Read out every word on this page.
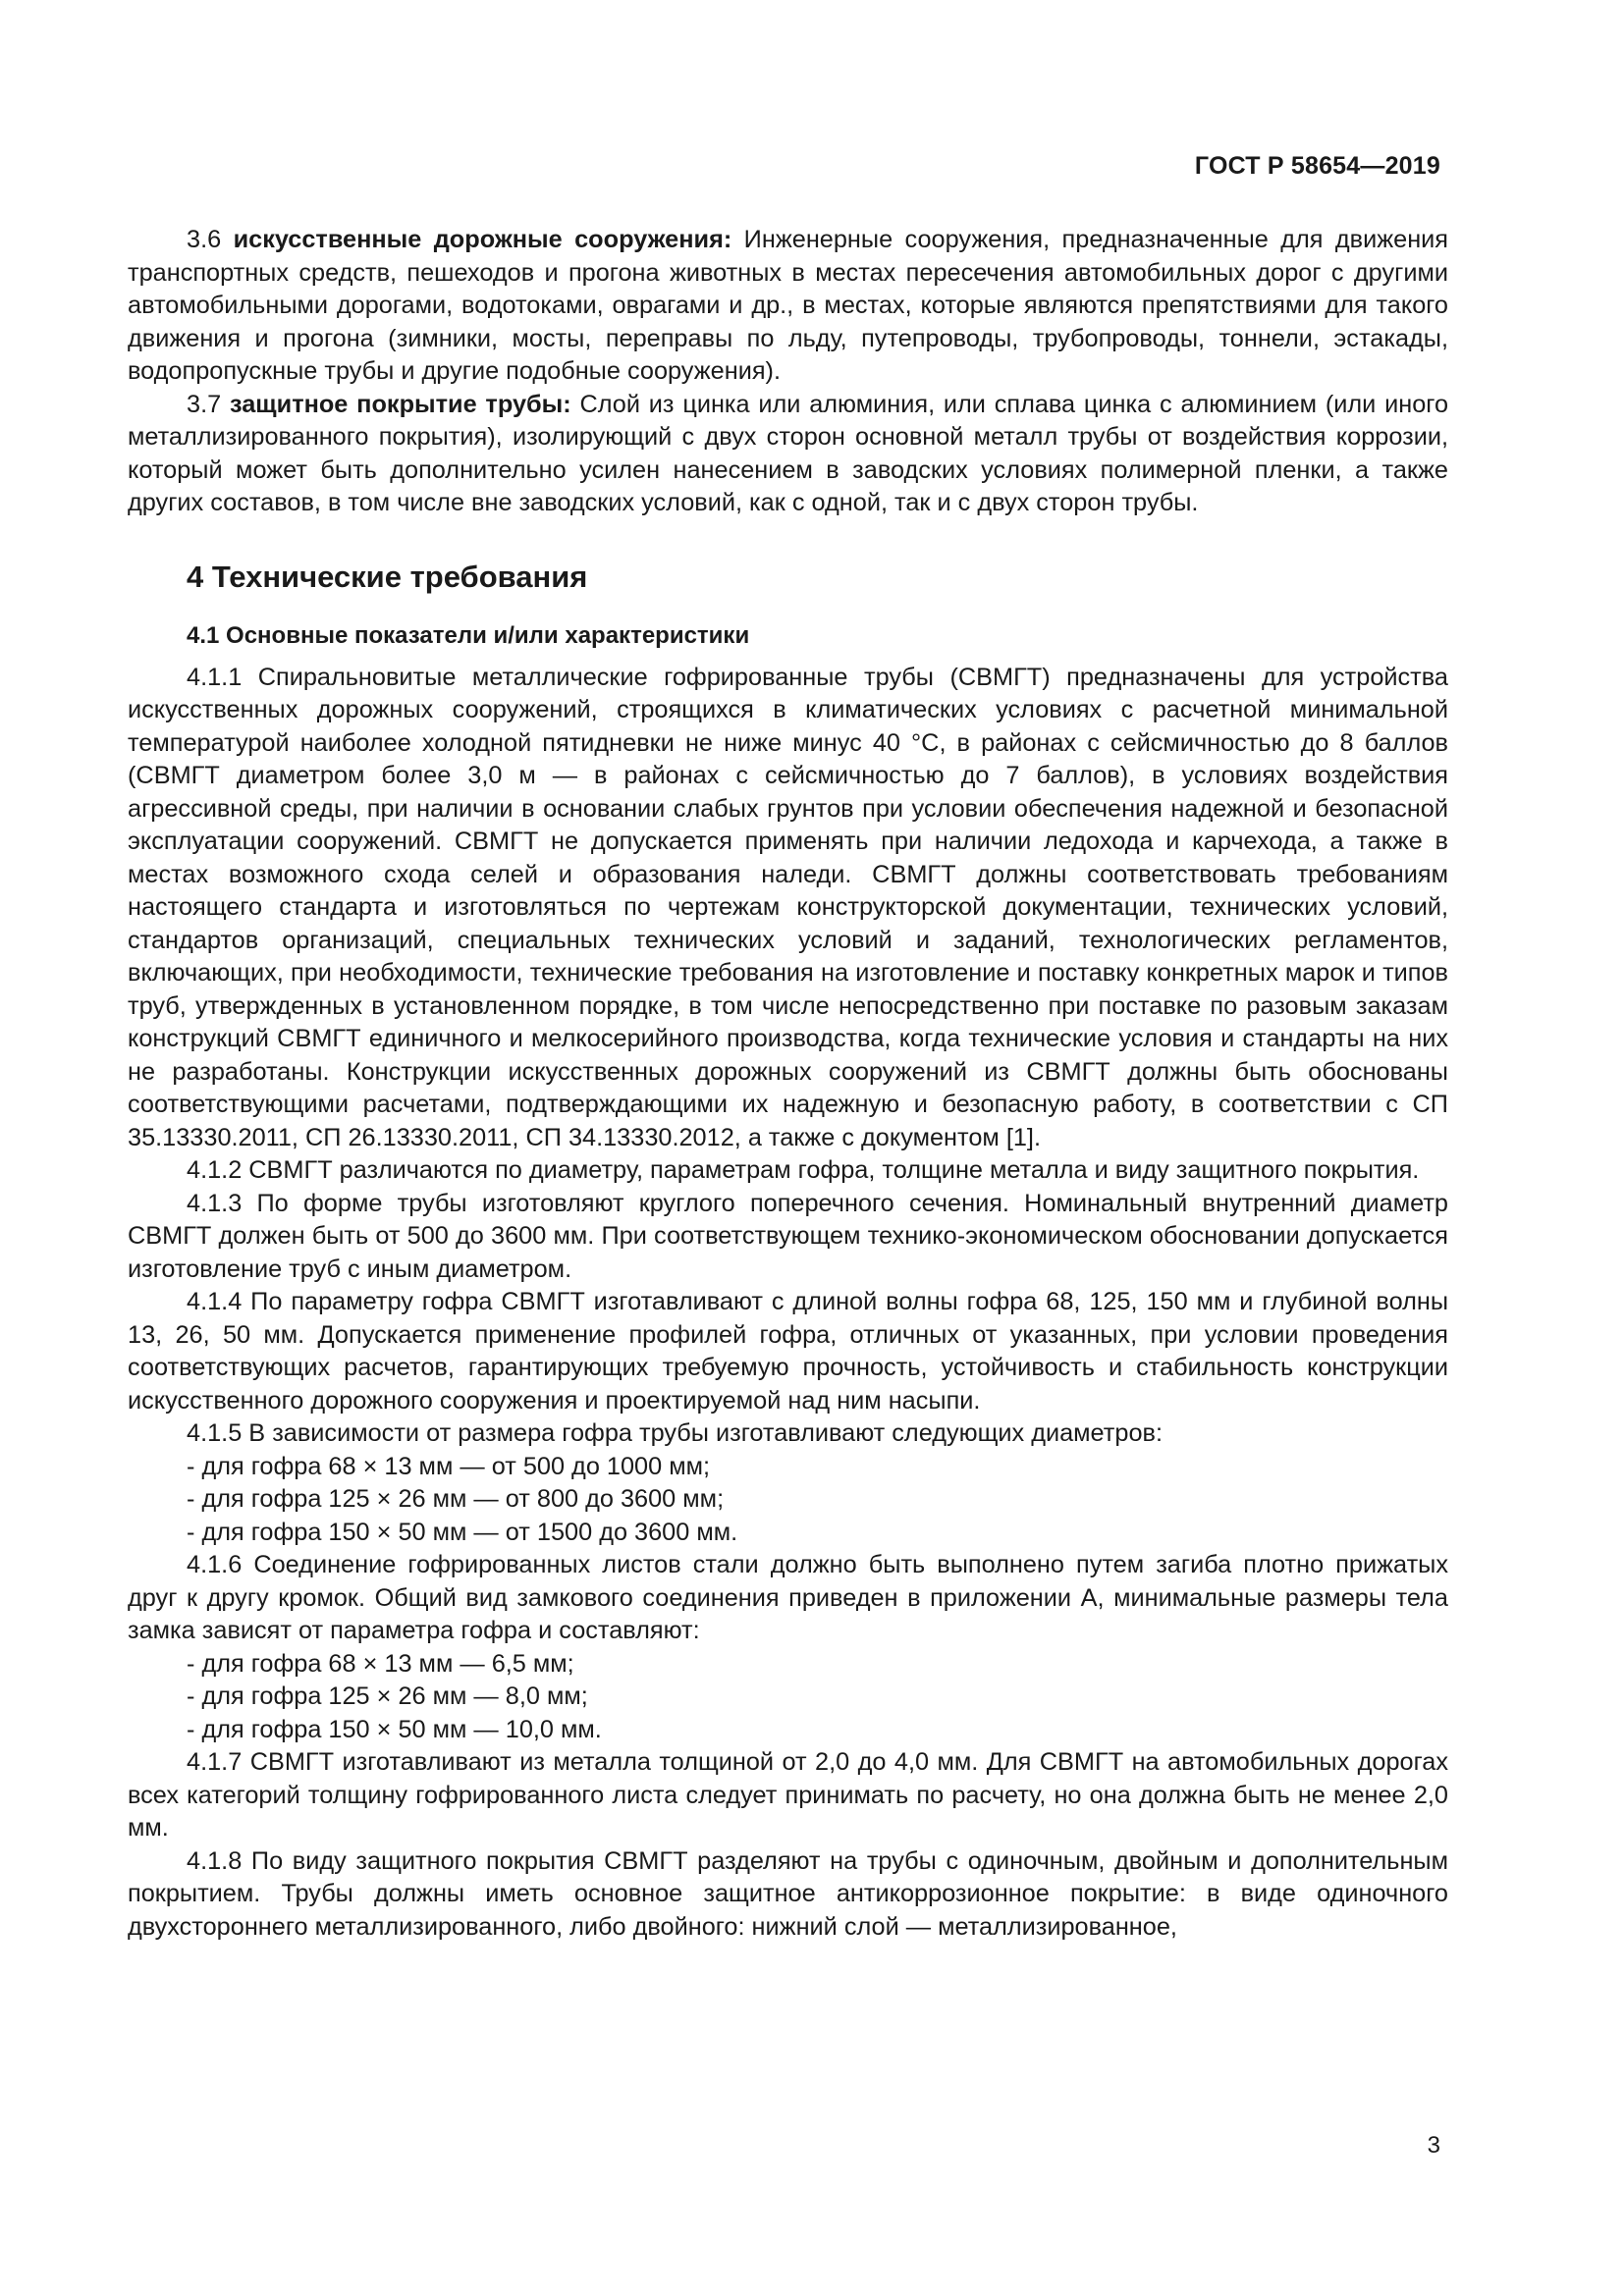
ГОСТ Р 58654—2019

3.6 искусственные дорожные сооружения: Инженерные сооружения, предназначенные для движения транспортных средств, пешеходов и прогона животных в местах пересечения автомобильных дорог с другими автомобильными дорогами, водотоками, оврагами и др., в местах, которые являются препятствиями для такого движения и прогона (зимники, мосты, переправы по льду, путепроводы, трубопроводы, тоннели, эстакады, водопропускные трубы и другие подобные сооружения).

3.7 защитное покрытие трубы: Слой из цинка или алюминия, или сплава цинка с алюминием (или иного металлизированного покрытия), изолирующий с двух сторон основной металл трубы от воздействия коррозии, который может быть дополнительно усилен нанесением в заводских условиях полимерной пленки, а также других составов, в том числе вне заводских условий, как с одной, так и с двух сторон трубы.

4 Технические требования
4.1 Основные показатели и/или характеристики

4.1.1 Спиральновитые металлические гофрированные трубы (СВМГТ) предназначены для устройства искусственных дорожных сооружений, строящихся в климатических условиях с расчетной минимальной температурой наиболее холодной пятидневки не ниже минус 40 °С, в районах с сейсмичностью до 8 баллов (СВМГТ диаметром более 3,0 м — в районах с сейсмичностью до 7 баллов), в условиях воздействия агрессивной среды, при наличии в основании слабых грунтов при условии обеспечения надежной и безопасной эксплуатации сооружений. СВМГТ не допускается применять при наличии ледохода и карчехода, а также в местах возможного схода селей и образования наледи. СВМГТ должны соответствовать требованиям настоящего стандарта и изготовляться по чертежам конструкторской документации, технических условий, стандартов организаций, специальных технических условий и заданий, технологических регламентов, включающих, при необходимости, технические требования на изготовление и поставку конкретных марок и типов труб, утвержденных в установленном порядке, в том числе непосредственно при поставке по разовым заказам конструкций СВМГТ единичного и мелкосерийного производства, когда технические условия и стандарты на них не разработаны. Конструкции искусственных дорожных сооружений из СВМГТ должны быть обоснованы соответствующими расчетами, подтверждающими их надежную и безопасную работу, в соответствии с СП 35.13330.2011, СП 26.13330.2011, СП 34.13330.2012, а также с документом [1].

4.1.2 СВМГТ различаются по диаметру, параметрам гофра, толщине металла и виду защитного покрытия.

4.1.3 По форме трубы изготовляют круглого поперечного сечения. Номинальный внутренний диаметр СВМГТ должен быть от 500 до 3600 мм. При соответствующем технико-экономическом обосновании допускается изготовление труб с иным диаметром.

4.1.4 По параметру гофра СВМГТ изготавливают с длиной волны гофра 68, 125, 150 мм и глубиной волны 13, 26, 50 мм. Допускается применение профилей гофра, отличных от указанных, при условии проведения соответствующих расчетов, гарантирующих требуемую прочность, устойчивость и стабильность конструкции искусственного дорожного сооружения и проектируемой над ним насыпи.

4.1.5 В зависимости от размера гофра трубы изготавливают следующих диаметров:

- для гофра 68 × 13 мм — от 500 до 1000 мм;

- для гофра 125 × 26 мм — от 800 до 3600 мм;

- для гофра 150 × 50 мм — от 1500 до 3600 мм.

4.1.6 Соединение гофрированных листов стали должно быть выполнено путем загиба плотно прижатых друг к другу кромок. Общий вид замкового соединения приведен в приложении А, минимальные размеры тела замка зависят от параметра гофра и составляют:

- для гофра 68 × 13 мм — 6,5 мм;

- для гофра 125 × 26 мм — 8,0 мм;

- для гофра 150 × 50 мм — 10,0 мм.

4.1.7 СВМГТ изготавливают из металла толщиной от 2,0 до 4,0 мм. Для СВМГТ на автомобильных дорогах всех категорий толщину гофрированного листа следует принимать по расчету, но она должна быть не менее 2,0 мм.

4.1.8 По виду защитного покрытия СВМГТ разделяют на трубы с одиночным, двойным и дополнительным покрытием. Трубы должны иметь основное защитное антикоррозионное покрытие: в виде одиночного двухстороннего металлизированного, либо двойного: нижний слой — металлизированное,

3
